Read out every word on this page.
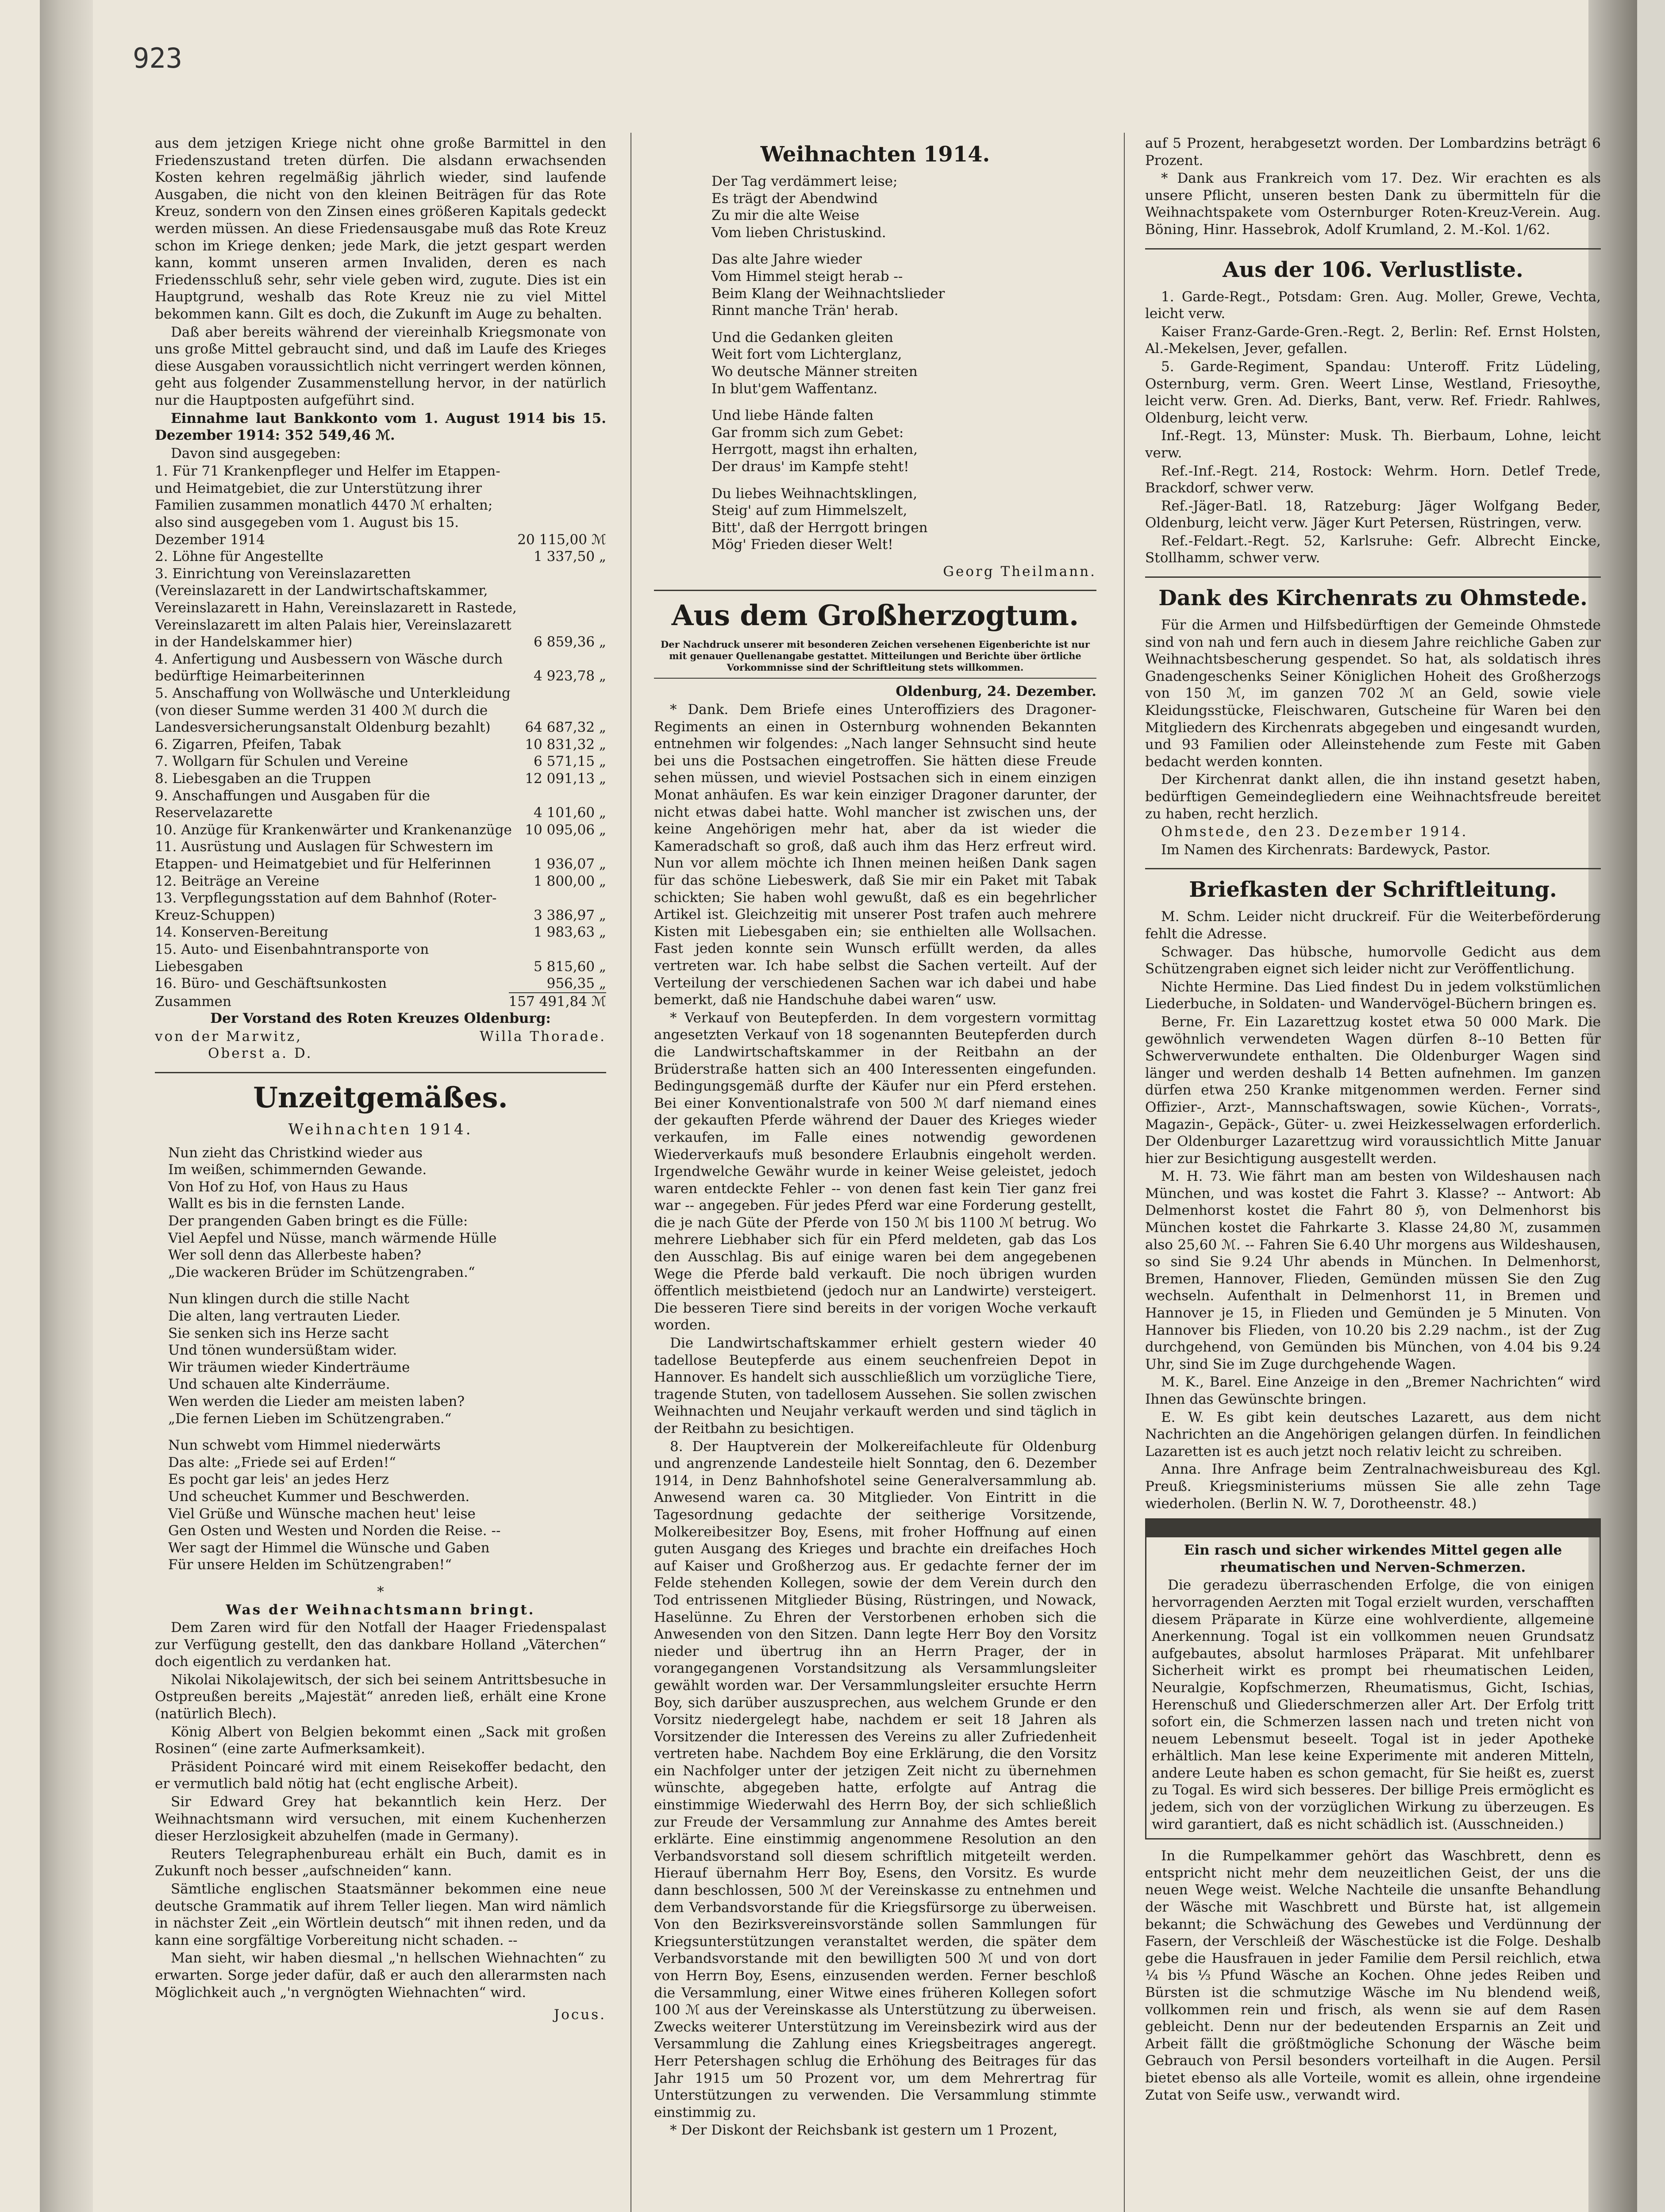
923

aus dem jetzigen Kriege nicht ohne große Barmittel in den Friedenszustand treten dürfen. Die alsdann erwachsenden Kosten kehren regelmäßig jährlich wieder, sind laufende Ausgaben, die nicht von den kleinen Beiträgen für das Rote Kreuz, sondern von den Zinsen eines größeren Kapitals gedeckt werden müssen. An diese Friedensausgabe muß das Rote Kreuz schon im Kriege denken; jede Mark, die jetzt gespart werden kann, kommt unseren armen Invaliden, deren es nach Friedensschluß sehr, sehr viele geben wird, zugute. Dies ist ein Hauptgrund, weshalb das Rote Kreuz nie zu viel Mittel bekommen kann. Gilt es doch, die Zukunft im Auge zu behalten.

Daß aber bereits während der viereinhalb Kriegsmonate von uns große Mittel gebraucht sind, und daß im Laufe des Krieges diese Ausgaben voraussichtlich nicht verringert werden können, geht aus folgender Zusammenstellung hervor, in der natürlich nur die Hauptposten aufgeführt sind.

Einnahme laut Bankkonto vom 1. August 1914 bis 15. Dezember 1914: 352 549,46 ℳ.

Davon sind ausgegeben:

1. Für 71 Krankenpfleger und Helfer im Etappen- und Heimatgebiet, die zur Unterstützung ihrer Familien zusammen monatlich 4470 ℳ erhalten; also sind ausgegeben vom 1. August bis 15. Dezember 1914	20 115,00 ℳ
2. Löhne für Angestellte	1 337,50 „
3. Einrichtung von Vereinslazaretten (Vereinslazarett in der Landwirtschaftskammer, Vereinslazarett in Hahn, Vereinslazarett in Rastede, Vereinslazarett im alten Palais hier, Vereinslazarett in der Handelskammer hier)	6 859,36 „
4. Anfertigung und Ausbessern von Wäsche durch bedürftige Heimarbeiterinnen	4 923,78 „
5. Anschaffung von Wollwäsche und Unterkleidung (von dieser Summe werden 31 400 ℳ durch die Landesversicherungsanstalt Oldenburg bezahlt)	64 687,32 „
6. Zigarren, Pfeifen, Tabak	10 831,32 „
7. Wollgarn für Schulen und Vereine	6 571,15 „
8. Liebesgaben an die Truppen	12 091,13 „
9. Anschaffungen und Ausgaben für die Reservelazarette	4 101,60 „
10. Anzüge für Krankenwärter und Krankenanzüge	10 095,06 „
11. Ausrüstung und Auslagen für Schwestern im Etappen- und Heimatgebiet und für Helferinnen	1 936,07 „
12. Beiträge an Vereine	1 800,00 „
13. Verpflegungsstation auf dem Bahnhof (Roter-Kreuz-Schuppen)	3 386,97 „
14. Konserven-Bereitung	1 983,63 „
15. Auto- und Eisenbahntransporte von Liebesgaben	5 815,60 „
16. Büro- und Geschäftsunkosten	956,35 „
Zusammen	157 491,84 ℳ

Der Vorstand des Roten Kreuzes Oldenburg:

von der Marwitz,	Willa Thorade.

Oberst a. D.

Unzeitgemäßes.
Weihnachten 1914.
Nun zieht das Christkind wieder aus
Im weißen, schimmernden Gewande.
Von Hof zu Hof, von Haus zu Haus
Wallt es bis in die fernsten Lande.
Der prangenden Gaben bringt es die Fülle:
Viel Aepfel und Nüsse, manch wärmende Hülle
Wer soll denn das Allerbeste haben?
„Die wackeren Brüder im Schützengraben.“
Nun klingen durch die stille Nacht
Die alten, lang vertrauten Lieder.
Sie senken sich ins Herze sacht
Und tönen wundersüßtam wider.
Wir träumen wieder Kinderträume
Und schauen alte Kinderräume.
Wen werden die Lieder am meisten laben?
„Die fernen Lieben im Schützengraben.“
Nun schwebt vom Himmel niederwärts
Das alte: „Friede sei auf Erden!“
Es pocht gar leis' an jedes Herz
Und scheuchet Kummer und Beschwerden.
Viel Grüße und Wünsche machen heut' leise
Gen Osten und Westen und Norden die Reise. --
Wer sagt der Himmel die Wünsche und Gaben
Für unsere Helden im Schützengraben!“

*

Was der Weihnachtsmann bringt.

Dem Zaren wird für den Notfall der Haager Friedenspalast zur Verfügung gestellt, den das dankbare Holland „Väterchen“ doch eigentlich zu verdanken hat.

Nikolai Nikolajewitsch, der sich bei seinem Antrittsbesuche in Ostpreußen bereits „Majestät“ anreden ließ, erhält eine Krone (natürlich Blech).

König Albert von Belgien bekommt einen „Sack mit großen Rosinen“ (eine zarte Aufmerksamkeit).

Präsident Poincaré wird mit einem Reisekoffer bedacht, den er vermutlich bald nötig hat (echt englische Arbeit).

Sir Edward Grey hat bekanntlich kein Herz. Der Weihnachtsmann wird versuchen, mit einem Kuchenherzen dieser Herzlosigkeit abzuhelfen (made in Germany).

Reuters Telegraphenbureau erhält ein Buch, damit es in Zukunft noch besser „aufschneiden“ kann.

Sämtliche englischen Staatsmänner bekommen eine neue deutsche Grammatik auf ihrem Teller liegen. Man wird nämlich in nächster Zeit „ein Wörtlein deutsch“ mit ihnen reden, und da kann eine sorgfältige Vorbereitung nicht schaden. --

Man sieht, wir haben diesmal „'n hellschen Wiehnachten“ zu erwarten. Sorge jeder dafür, daß er auch den allerarmsten nach Möglichkeit auch „'n vergnögten Wiehnachten“ wird.

Jocus.

Weihnachten 1914.
Der Tag verdämmert leise;
Es trägt der Abendwind
Zu mir die alte Weise
Vom lieben Christuskind.
Das alte Jahre wieder
Vom Himmel steigt herab --
Beim Klang der Weihnachtslieder
Rinnt manche Trän' herab.
Und die Gedanken gleiten
Weit fort vom Lichterglanz,
Wo deutsche Männer streiten
In blut'gem Waffentanz.
Und liebe Hände falten
Gar fromm sich zum Gebet:
Herrgott, magst ihn erhalten,
Der draus' im Kampfe steht!
Du liebes Weihnachtsklingen,
Steig' auf zum Himmelszelt,
Bitt', daß der Herrgott bringen
Mög' Frieden dieser Welt!

Georg Theilmann.

Aus dem Großherzogtum.

Der Nachdruck unserer mit besonderen Zeichen versehenen Eigenberichte ist nur mit genauer Quellenangabe gestattet. Mitteilungen und Berichte über örtliche Vorkommnisse sind der Schriftleitung stets willkommen.

Oldenburg, 24. Dezember.

* Dank. Dem Briefe eines Unteroffiziers des Dragoner-Regiments an einen in Osternburg wohnenden Bekannten entnehmen wir folgendes: „Nach langer Sehnsucht sind heute bei uns die Postsachen eingetroffen. Sie hätten diese Freude sehen müssen, und wieviel Postsachen sich in einem einzigen Monat anhäufen. Es war kein einziger Dragoner darunter, der nicht etwas dabei hatte. Wohl mancher ist zwischen uns, der keine Angehörigen mehr hat, aber da ist wieder die Kameradschaft so groß, daß auch ihm das Herz erfreut wird. Nun vor allem möchte ich Ihnen meinen heißen Dank sagen für das schöne Liebeswerk, daß Sie mir ein Paket mit Tabak schickten; Sie haben wohl gewußt, daß es ein begehrlicher Artikel ist. Gleichzeitig mit unserer Post trafen auch mehrere Kisten mit Liebesgaben ein; sie enthielten alle Wollsachen. Fast jeden konnte sein Wunsch erfüllt werden, da alles vertreten war. Ich habe selbst die Sachen verteilt. Auf der Verteilung der verschiedenen Sachen war ich dabei und habe bemerkt, daß nie Handschuhe dabei waren“ usw.

* Verkauf von Beutepferden. In dem vorgestern vormittag angesetzten Verkauf von 18 sogenannten Beutepferden durch die Landwirtschaftskammer in der Reitbahn an der Brüderstraße hatten sich an 400 Interessenten eingefunden. Bedingungsgemäß durfte der Käufer nur ein Pferd erstehen. Bei einer Konventionalstrafe von 500 ℳ darf niemand eines der gekauften Pferde während der Dauer des Krieges wieder verkaufen, im Falle eines notwendig gewordenen Wiederverkaufs muß besondere Erlaubnis eingeholt werden. Irgendwelche Gewähr wurde in keiner Weise geleistet, jedoch waren entdeckte Fehler -- von denen fast kein Tier ganz frei war -- angegeben. Für jedes Pferd war eine Forderung gestellt, die je nach Güte der Pferde von 150 ℳ bis 1100 ℳ betrug. Wo mehrere Liebhaber sich für ein Pferd meldeten, gab das Los den Ausschlag. Bis auf einige waren bei dem angegebenen Wege die Pferde bald verkauft. Die noch übrigen wurden öffentlich meistbietend (jedoch nur an Landwirte) versteigert. Die besseren Tiere sind bereits in der vorigen Woche verkauft worden.

Die Landwirtschaftskammer erhielt gestern wieder 40 tadellose Beutepferde aus einem seuchenfreien Depot in Hannover. Es handelt sich ausschließlich um vorzügliche Tiere, tragende Stuten, von tadellosem Aussehen. Sie sollen zwischen Weihnachten und Neujahr verkauft werden und sind täglich in der Reitbahn zu besichtigen.

8. Der Hauptverein der Molkereifachleute für Oldenburg und angrenzende Landesteile hielt Sonntag, den 6. Dezember 1914, in Denz Bahnhofshotel seine Generalversammlung ab. Anwesend waren ca. 30 Mitglieder. Von Eintritt in die Tagesordnung gedachte der seitherige Vorsitzende, Molkereibesitzer Boy, Esens, mit froher Hoffnung auf einen guten Ausgang des Krieges und brachte ein dreifaches Hoch auf Kaiser und Großherzog aus. Er gedachte ferner der im Felde stehenden Kollegen, sowie der dem Verein durch den Tod entrissenen Mitglieder Büsing, Rüstringen, und Nowack, Haselünne. Zu Ehren der Verstorbenen erhoben sich die Anwesenden von den Sitzen. Dann legte Herr Boy den Vorsitz nieder und übertrug ihn an Herrn Prager, der in vorangegangenen Vorstandsitzung als Versammlungsleiter gewählt worden war. Der Versammlungsleiter ersuchte Herrn Boy, sich darüber auszusprechen, aus welchem Grunde er den Vorsitz niedergelegt habe, nachdem er seit 18 Jahren als Vorsitzender die Interessen des Vereins zu aller Zufriedenheit vertreten habe. Nachdem Boy eine Erklärung, die den Vorsitz ein Nachfolger unter der jetzigen Zeit nicht zu übernehmen wünschte, abgegeben hatte, erfolgte auf Antrag die einstimmige Wiederwahl des Herrn Boy, der sich schließlich zur Freude der Versammlung zur Annahme des Amtes bereit erklärte. Eine einstimmig angenommene Resolution an den Verbandsvorstand soll diesem schriftlich mitgeteilt werden. Hierauf übernahm Herr Boy, Esens, den Vorsitz. Es wurde dann beschlossen, 500 ℳ der Vereinskasse zu entnehmen und dem Verbandsvorstande für die Kriegsfürsorge zu überweisen. Von den Bezirksvereinsvorstände sollen Sammlungen für Kriegsunterstützungen veranstaltet werden, die später dem Verbandsvorstande mit den bewilligten 500 ℳ und von dort von Herrn Boy, Esens, einzusenden werden. Ferner beschloß die Versammlung, einer Witwe eines früheren Kollegen sofort 100 ℳ aus der Vereinskasse als Unterstützung zu überweisen. Zwecks weiterer Unterstützung im Vereinsbezirk wird aus der Versammlung die Zahlung eines Kriegsbeitrages angeregt. Herr Petershagen schlug die Erhöhung des Beitrages für das Jahr 1915 um 50 Prozent vor, um dem Mehrertrag für Unterstützungen zu verwenden. Die Versammlung stimmte einstimmig zu.

* Der Diskont der Reichsbank ist gestern um 1 Prozent,

auf 5 Prozent, herabgesetzt worden. Der Lombardzins beträgt 6 Prozent.

* Dank aus Frankreich vom 17. Dez. Wir erachten es als unsere Pflicht, unseren besten Dank zu übermitteln für die Weihnachtspakete vom Osternburger Roten-Kreuz-Verein. Aug. Böning, Hinr. Hassebrok, Adolf Krumland, 2. M.-Kol. 1/62.

Aus der 106. Verlustliste.

1. Garde-Regt., Potsdam: Gren. Aug. Moller, Grewe, Vechta, leicht verw.

Kaiser Franz-Garde-Gren.-Regt. 2, Berlin: Ref. Ernst Holsten, Al.-Mekelsen, Jever, gefallen.

5. Garde-Regiment, Spandau: Unteroff. Fritz Lüdeling, Osternburg, verm. Gren. Weert Linse, Westland, Friesoythe, leicht verw. Gren. Ad. Dierks, Bant, verw. Ref. Friedr. Rahlwes, Oldenburg, leicht verw.

Inf.-Regt. 13, Münster: Musk. Th. Bierbaum, Lohne, leicht verw.

Ref.-Inf.-Regt. 214, Rostock: Wehrm. Horn. Detlef Trede, Brackdorf, schwer verw.

Ref.-Jäger-Batl. 18, Ratzeburg: Jäger Wolfgang Beder, Oldenburg, leicht verw. Jäger Kurt Petersen, Rüstringen, verw.

Ref.-Feldart.-Regt. 52, Karlsruhe: Gefr. Albrecht Eincke, Stollhamm, schwer verw.

Dank des Kirchenrats zu Ohmstede.

Für die Armen und Hilfsbedürftigen der Gemeinde Ohmstede sind von nah und fern auch in diesem Jahre reichliche Gaben zur Weihnachtsbescherung gespendet. So hat, als soldatisch ihres Gnadengeschenks Seiner Königlichen Hoheit des Großherzogs von 150 ℳ, im ganzen 702 ℳ an Geld, sowie viele Kleidungsstücke, Fleischwaren, Gutscheine für Waren bei den Mitgliedern des Kirchenrats abgegeben und eingesandt wurden, und 93 Familien oder Alleinstehende zum Feste mit Gaben bedacht werden konnten.

Der Kirchenrat dankt allen, die ihn instand gesetzt haben, bedürftigen Gemeindegliedern eine Weihnachtsfreude bereitet zu haben, recht herzlich.

Ohmstede, den 23. Dezember 1914.

Im Namen des Kirchenrats: Bardewyck, Pastor.

Briefkasten der Schriftleitung.

M. Schm. Leider nicht druckreif. Für die Weiterbeförderung fehlt die Adresse.

Schwager. Das hübsche, humorvolle Gedicht aus dem Schützengraben eignet sich leider nicht zur Veröffentlichung.

Nichte Hermine. Das Lied findest Du in jedem volkstümlichen Liederbuche, in Soldaten- und Wandervögel-Büchern bringen es.

Berne, Fr. Ein Lazarettzug kostet etwa 50 000 Mark. Die gewöhnlich verwendeten Wagen dürfen 8--10 Betten für Schwerverwundete enthalten. Die Oldenburger Wagen sind länger und werden deshalb 14 Betten aufnehmen. Im ganzen dürfen etwa 250 Kranke mitgenommen werden. Ferner sind Offizier-, Arzt-, Mannschaftswagen, sowie Küchen-, Vorrats-, Magazin-, Gepäck-, Güter- u. zwei Heizkesselwagen erforderlich. Der Oldenburger Lazarettzug wird voraussichtlich Mitte Januar hier zur Besichtigung ausgestellt werden.

M. H. 73. Wie fährt man am besten von Wildeshausen nach München, und was kostet die Fahrt 3. Klasse? -- Antwort: Ab Delmenhorst kostet die Fahrt 80 ℌ, von Delmenhorst bis München kostet die Fahrkarte 3. Klasse 24,80 ℳ, zusammen also 25,60 ℳ. -- Fahren Sie 6.40 Uhr morgens aus Wildeshausen, so sind Sie 9.24 Uhr abends in München. In Delmenhorst, Bremen, Hannover, Flieden, Gemünden müssen Sie den Zug wechseln. Aufenthalt in Delmenhorst 11, in Bremen und Hannover je 15, in Flieden und Gemünden je 5 Minuten. Von Hannover bis Flieden, von 10.20 bis 2.29 nachm., ist der Zug durchgehend, von Gemünden bis München, von 4.04 bis 9.24 Uhr, sind Sie im Zuge durchgehende Wagen.

M. K., Barel. Eine Anzeige in den „Bremer Nachrichten“ wird Ihnen das Gewünschte bringen.

E. W. Es gibt kein deutsches Lazarett, aus dem nicht Nachrichten an die Angehörigen gelangen dürfen. In feindlichen Lazaretten ist es auch jetzt noch relativ leicht zu schreiben.

Anna. Ihre Anfrage beim Zentralnachweisbureau des Kgl. Preuß. Kriegsministeriums müssen Sie alle zehn Tage wiederholen. (Berlin N. W. 7, Dorotheenstr. 48.)

Ein rasch und sicher wirkendes Mittel gegen alle rheumatischen und Nerven-Schmerzen.

Die geradezu überraschenden Erfolge, die von einigen hervorragenden Aerzten mit Togal erzielt wurden, verschafften diesem Präparate in Kürze eine wohlverdiente, allgemeine Anerkennung. Togal ist ein vollkommen neuen Grundsatz aufgebautes, absolut harmloses Präparat. Mit unfehlbarer Sicherheit wirkt es prompt bei rheumatischen Leiden, Neuralgie, Kopfschmerzen, Rheumatismus, Gicht, Ischias, Herenschuß und Gliederschmerzen aller Art. Der Erfolg tritt sofort ein, die Schmerzen lassen nach und treten nicht von neuem Lebensmut beseelt. Togal ist in jeder Apotheke erhältlich. Man lese keine Experimente mit anderen Mitteln, andere Leute haben es schon gemacht, für Sie heißt es, zuerst zu Togal. Es wird sich besseres. Der billige Preis ermöglicht es jedem, sich von der vorzüglichen Wirkung zu überzeugen. Es wird garantiert, daß es nicht schädlich ist. (Ausschneiden.)

In die Rumpelkammer gehört das Waschbrett, denn es entspricht nicht mehr dem neuzeitlichen Geist, der uns die neuen Wege weist. Welche Nachteile die unsanfte Behandlung der Wäsche mit Waschbrett und Bürste hat, ist allgemein bekannt; die Schwächung des Gewebes und Verdünnung der Fasern, der Verschleiß der Wäschestücke ist die Folge. Deshalb gebe die Hausfrauen in jeder Familie dem Persil reichlich, etwa ¼ bis ⅓ Pfund Wäsche an Kochen. Ohne jedes Reiben und Bürsten ist die schmutzige Wäsche im Nu blendend weiß, vollkommen rein und frisch, als wenn sie auf dem Rasen gebleicht. Denn nur der bedeutenden Ersparnis an Zeit und Arbeit fällt die größtmögliche Schonung der Wäsche beim Gebrauch von Persil besonders vorteilhaft in die Augen. Persil bietet ebenso als alle Vorteile, womit es allein, ohne irgendeine Zutat von Seife usw., verwandt wird.
